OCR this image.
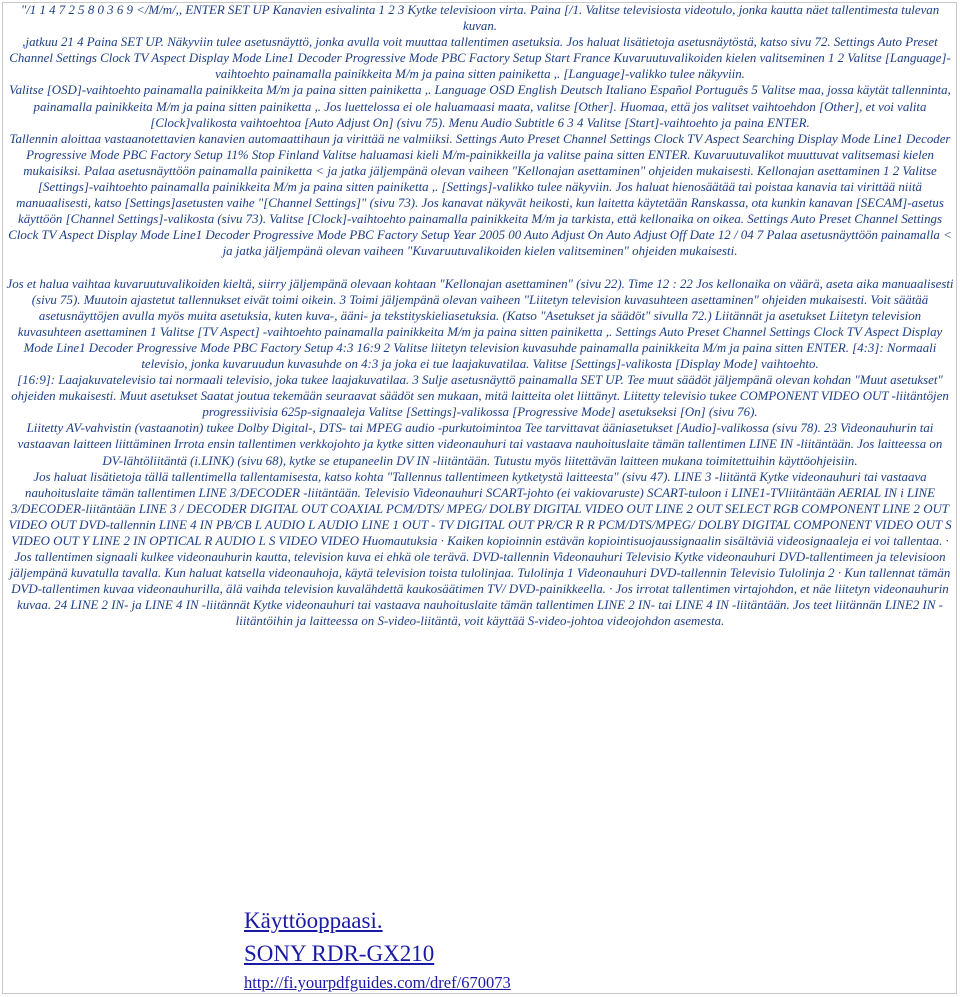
"/1 1 4 7 2 5 8 0 3 6 9 </M/m/,, ENTER SET UP Kanavien esivalinta 1 2 3 Kytke televisioon virta. Paina [/1. Valitse televisiosta videotulo, jonka kautta näet tallentimesta tulevan kuvan.

,jatkuu 21 4 Paina SET UP. Näkyviin tulee asetusnäyttö, jonka avulla voit muuttaa tallentimen asetuksia. Jos haluat lisätietoja asetusnäytöstä, katso sivu 72. Settings Auto Preset Channel Settings Clock TV Aspect Display Mode Line1 Decoder Progressive Mode PBC Factory Setup Start France Kuvaruutuvalikoiden kielen valitseminen 1 2 Valitse [Language]-vaihtoehto painamalla painikkeita M/m ja paina sitten painiketta ,. [Language]-valikko tulee näkyviin.

Valitse [OSD]-vaihtoehto painamalla painikkeita M/m ja paina sitten painiketta ,. Language OSD English Deutsch Italiano Español Português 5 Valitse maa, jossa käytät tallenninta, painamalla painikkeita M/m ja paina sitten painiketta ,. Jos luettelossa ei ole haluamaasi maata, valitse [Other]. Huomaa, että jos valitset vaihtoehdon [Other], et voi valita [Clock]valikosta vaihtoehtoa [Auto Adjust On] (sivu 75). Menu Audio Subtitle 6 3 4 Valitse [Start]-vaihtoehto ja paina ENTER.

Tallennin aloittaa vastaanotettavien kanavien automaattihaun ja virittää ne valmiiksi. Settings Auto Preset Channel Settings Clock TV Aspect Searching Display Mode Line1 Decoder Progressive Mode PBC Factory Setup 11% Stop Finland Valitse haluamasi kieli M/m-painikkeilla ja valitse paina sitten ENTER. Kuvaruutuvalikot muuttuvat valitsemasi kielen mukaisiksi. Palaa asetusnäyttöön painamalla painiketta < ja jatka jäljempänä olevan vaiheen "Kellonajan asettaminen" ohjeiden mukaisesti. Kellonajan asettaminen 1 2 Valitse [Settings]-vaihtoehto painamalla painikkeita M/m ja paina sitten painiketta ,. [Settings]-valikko tulee näkyviin. Jos haluat hienosäätää tai poistaa kanavia tai virittää niitä manuaalisesti, katso [Settings]asetusten vaihe "[Channel Settings]" (sivu 73). Jos kanavat näkyvät heikosti, kun laitetta käytetään Ranskassa, ota kunkin kanavan [SECAM]-asetus käyttöön [Channel Settings]-valikosta (sivu 73). Valitse [Clock]-vaihtoehto painamalla painikkeita M/m ja tarkista, että kellonaika on oikea. Settings Auto Preset Channel Settings Clock TV Aspect Display Mode Line1 Decoder Progressive Mode PBC Factory Setup Year 2005 00 Auto Adjust On Auto Adjust Off Date 12 / 04 7 Palaa asetusnäyttöön painamalla < ja jatka jäljempänä olevan vaiheen "Kuvaruutuvalikoiden kielen valitseminen" ohjeiden mukaisesti.

Jos et halua vaihtaa kuvaruutuvalikoiden kieltä, siirry jäljempänä olevaan kohtaan "Kellonajan asettaminen" (sivu 22). Time 12 : 22 Jos kellonaika on väärä, aseta aika manuaalisesti (sivu 75). Muutoin ajastetut tallennukset eivät toimi oikein. 3 Toimi jäljempänä olevan vaiheen "Liitetyn television kuvasuhteen asettaminen" ohjeiden mukaisesti. Voit säätää asetusnäyttöjen avulla myös muita asetuksia, kuten kuva-, ääni- ja tekstityskieliasetuksia. (Katso "Asetukset ja säädöt" sivulla 72.) Liitännät ja asetukset Liitetyn television kuvasuhteen asettaminen 1 Valitse [TV Aspect] -vaihtoehto painamalla painikkeita M/m ja paina sitten painiketta ,. Settings Auto Preset Channel Settings Clock TV Aspect Display Mode Line1 Decoder Progressive Mode PBC Factory Setup 4:3 16:9 2 Valitse liitetyn television kuvasuhde painamalla painikkeita M/m ja paina sitten ENTER. [4:3]: Normaali televisio, jonka kuvaruudun kuvasuhde on 4:3 ja joka ei tue laajakuvatilaa. Valitse [Settings]-valikosta [Display Mode] vaihtoehto.

[16:9]: Laajakuvatelevisio tai normaali televisio, joka tukee laajakuvatilaa. 3 Sulje asetusnäyttö painamalla SET UP. Tee muut säädöt jäljempänä olevan kohdan "Muut asetukset" ohjeiden mukaisesti. Muut asetukset Saatat joutua tekemään seuraavat säädöt sen mukaan, mitä laitteita olet liittänyt. Liitetty televisio tukee COMPONENT VIDEO OUT -liitäntöjen progressiivisia 625p-signaaleja Valitse [Settings]-valikossa [Progressive Mode] asetukseksi [On] (sivu 76).

Liitetty AV-vahvistin (vastaanotin) tukee Dolby Digital-, DTS- tai MPEG audio -purkutoimintoa Tee tarvittavat ääniasetukset [Audio]-valikossa (sivu 78). 23 Videonauhurin tai vastaavan laitteen liittäminen Irrota ensin tallentimen verkkojohto ja kytke sitten videonauhuri tai vastaava nauhoituslaite tämän tallentimen LINE IN -liitäntään. Jos laitteessa on DV-lähtöliitäntä (i.LINK) (sivu 68), kytke se etupaneelin DV IN -liitäntään. Tutustu myös liitettävän laitteen mukana toimitettuihin käyttöohjeisiin.

Jos haluat lisätietoja tällä tallentimella tallentamisesta, katso kohta "Tallennus tallentimeen kytketystä laitteesta" (sivu 47). LINE 3 -liitäntä Kytke videonauhuri tai vastaava nauhoituslaite tämän tallentimen LINE 3/DECODER -liitäntään. Televisio Videonauhuri SCART-johto (ei vakiovaruste) SCART-tuloon i LINE1-TVliitäntään AERIAL IN i LINE 3/DECODER-liitäntään LINE 3 / DECODER DIGITAL OUT COAXIAL PCM/DTS/ MPEG/ DOLBY DIGITAL VIDEO OUT LINE 2 OUT SELECT RGB COMPONENT LINE 2 OUT VIDEO OUT DVD-tallennin LINE 4 IN PB/CB L AUDIO L AUDIO LINE 1 OUT - TV DIGITAL OUT PR/CR R R PCM/DTS/MPEG/ DOLBY DIGITAL COMPONENT VIDEO OUT S VIDEO OUT Y LINE 2 IN OPTICAL R AUDIO L S VIDEO VIDEO Huomautuksia · Kaiken kopioinnin estävän kopiointisuojaussignaalin sisältäviä videosignaaleja ei voi tallentaa. · Jos tallentimen signaali kulkee videonauhurin kautta, television kuva ei ehkä ole terävä. DVD-tallennin Videonauhuri Televisio Kytke videonauhuri DVD-tallentimeen ja televisioon jäljempänä kuvatulla tavalla. Kun haluat katsella videonauhoja, käytä television toista tulolinjaa. Tulolinja 1 Videonauhuri DVD-tallennin Televisio Tulolinja 2 · Kun tallennat tämän DVD-tallentimen kuvaa videonauhurilla, älä vaihda television kuvalähdettä kaukosäätimen TV/ DVD-painikkeella. · Jos irrotat tallentimen virtajohdon, et näe liitetyn videonauhurin kuvaa. 24 LINE 2 IN- ja LINE 4 IN -liitännät Kytke videonauhuri tai vastaava nauhoituslaite tämän tallentimen LINE 2 IN- tai LINE 4 IN -liitäntään. Jos teet liitännän LINE2 IN -liitäntöihin ja laitteessa on S-video-liitäntä, voit käyttää S-video-johtoa videojohdon asemesta.

Käyttöoppaasi.
SONY RDR-GX210
http://fi.yourpdfguides.com/dref/670073
